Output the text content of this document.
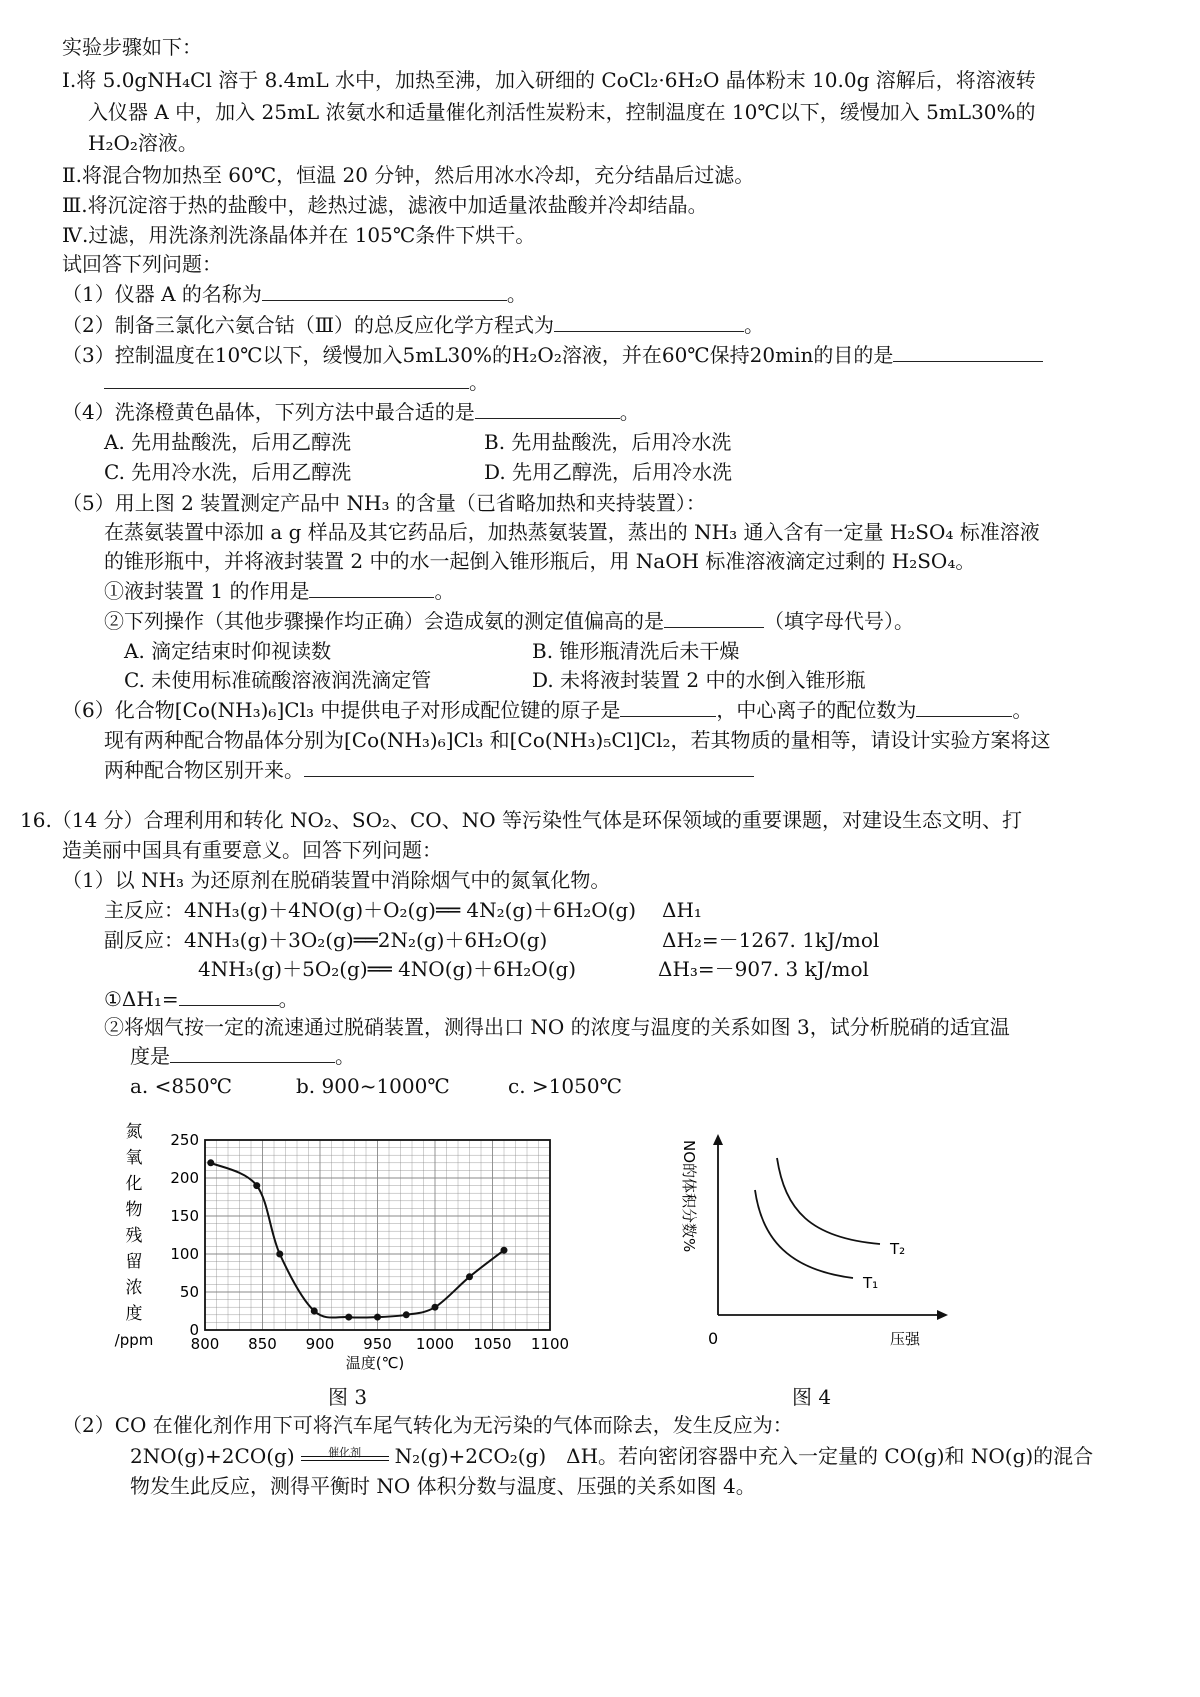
实验步骤如下：
Ⅰ.将 5.0gNH₄Cl 溶于 8.4mL 水中，加热至沸，加入研细的 CoCl₂·6H₂O 晶体粉末 10.0g 溶解后，将溶液转
入仪器 A 中，加入 25mL 浓氨水和适量催化剂活性炭粉末，控制温度在 10℃以下，缓慢加入 5mL30%的
H₂O₂溶液。
Ⅱ.将混合物加热至 60℃，恒温 20 分钟，然后用冰水冷却，充分结晶后过滤。
Ⅲ.将沉淀溶于热的盐酸中，趁热过滤，滤液中加适量浓盐酸并冷却结晶。
Ⅳ.过滤，用洗涤剂洗涤晶体并在 105℃条件下烘干。
试回答下列问题：
（1）仪器 A 的名称为	。
（2）制备三氯化六氨合钴（Ⅲ）的总反应化学方程式为	。
（3）控制温度在10℃以下，缓慢加入5mL30%的H₂O₂溶液，并在60℃保持20min的目的是
。
（4）洗涤橙黄色晶体，下列方法中最合适的是	。
A. 先用盐酸洗，后用乙醇洗	B. 先用盐酸洗，后用冷水洗
C. 先用冷水洗，后用乙醇洗	D. 先用乙醇洗，后用冷水洗
（5）用上图 2 装置测定产品中 NH₃ 的含量（已省略加热和夹持装置）：
在蒸氨装置中添加 a g 样品及其它药品后，加热蒸氨装置，蒸出的 NH₃ 通入含有一定量 H₂SO₄ 标准溶液
的锥形瓶中，并将液封装置 2 中的水一起倒入锥形瓶后，用 NaOH 标准溶液滴定过剩的 H₂SO₄。
①液封装置 1 的作用是	。
②下列操作（其他步骤操作均正确）会造成氨的测定值偏高的是	（填字母代号）。
A. 滴定结束时仰视读数	B. 锥形瓶清洗后未干燥
C. 未使用标准硫酸溶液润洗滴定管	D. 未将液封装置 2 中的水倒入锥形瓶
（6）化合物[Co(NH₃)₆]Cl₃ 中提供电子对形成配位键的原子是	，中心离子的配位数为	。
现有两种配合物晶体分别为[Co(NH₃)₆]Cl₃ 和[Co(NH₃)₅Cl]Cl₂，若其物质的量相等，请设计实验方案将这
两种配合物区别开来。
16.（14 分）合理利用和转化 NO₂、SO₂、CO、NO 等污染性气体是环保领域的重要课题，对建设生态文明、打
造美丽中国具有重要意义。回答下列问题：
（1）以 NH₃ 为还原剂在脱硝装置中消除烟气中的氮氧化物。
主反应：4NH₃(g)＋4NO(g)＋O₂(g)══ 4N₂(g)＋6H₂O(g) ΔH₁
副反应：4NH₃(g)＋3O₂(g)══2N₂(g)＋6H₂O(g)	ΔH₂=－1267. 1kJ/mol
4NH₃(g)＋5O₂(g)══ 4NO(g)＋6H₂O(g)	ΔH₃=－907. 3 kJ/mol
①ΔH₁=	。
②将烟气按一定的流速通过脱硝装置，测得出口 NO 的浓度与温度的关系如图 3，试分析脱硝的适宜温
度是	。
a. <850℃	b. 900~1000℃	c. >1050℃
氮
氧
化
物
残
留
浓
度
/ppm 800 850 900 950 1000 1050 1100
0
50
100
150
200
250
温度(℃)
NO的体积分数%	T₂
T₁
0	压强
图 3	图 4
（2）CO 在催化剂作用下可将汽车尾气转化为无污染的气体而除去，发生反应为：
2NO(g)+2CO(g)	催化剂	N₂(g)+2CO₂(g) ΔH。若向密闭容器中充入一定量的 CO(g)和 NO(g)的混合
物发生此反应，测得平衡时 NO 体积分数与温度、压强的关系如图 4。
